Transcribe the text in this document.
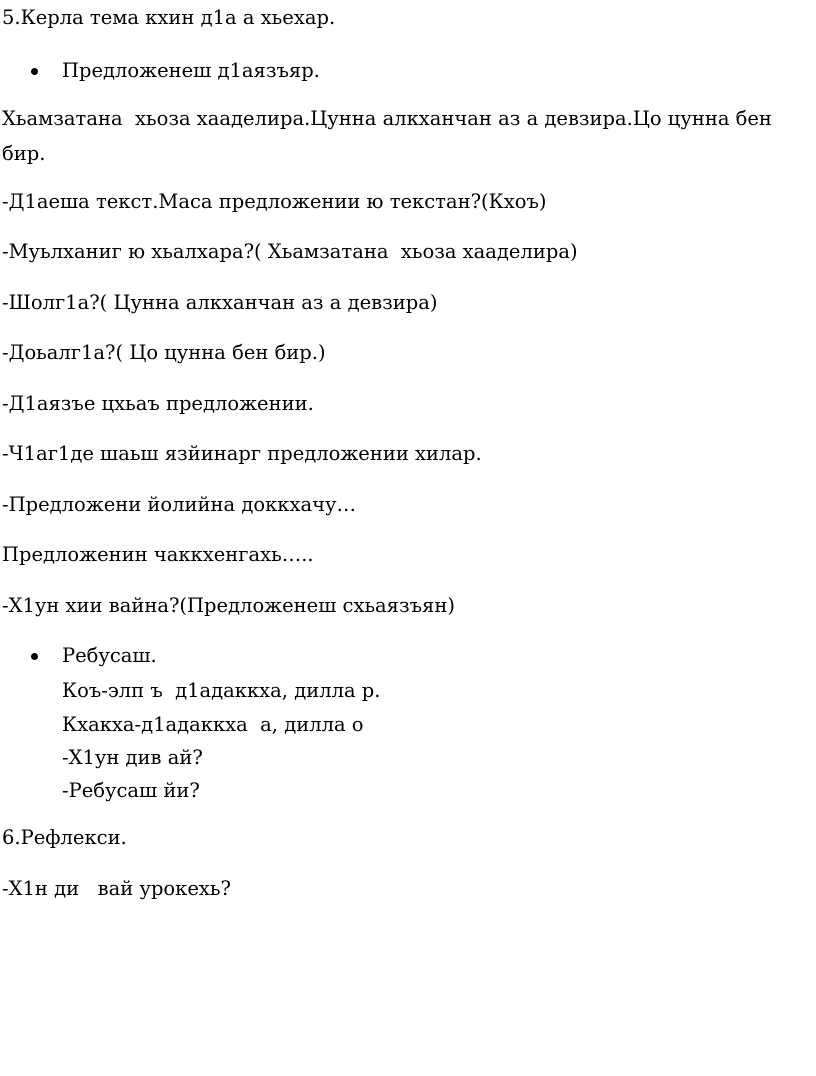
5.Керла тема кхин д1а а хьехар.
Предложенеш д1аязъяр.
Хьамзатана  хьоза хааделира.Цунна алкханчан аз а девзира.Цо цунна бен
бир.
-Д1аеша текст.Маса предложении ю текстан?(Кхоъ)
-Муьлханиг ю хьалхара?( Хьамзатана  хьоза хааделира)
-Шолг1а?( Цунна алкханчан аз а девзира)
-Доьалг1а?( Цо цунна бен бир.)
-Д1аязъе цхьаъ предложении.
-Ч1аг1де шаьш язйинарг предложении хилар.
-Предложени йолийна доккхачу…
Предложенин чаккхенгахь…..
-Х1ун хии вайна?(Предложенеш схьаязъян)
Ребусаш.
Коъ-элп ъ  д1адаккха, дилла р.
Кхакха-д1адаккха  а, дилла о
-Х1ун див ай?
-Ребусаш йи?
6.Рефлекси.
-Х1н ди   вай урокехь?
